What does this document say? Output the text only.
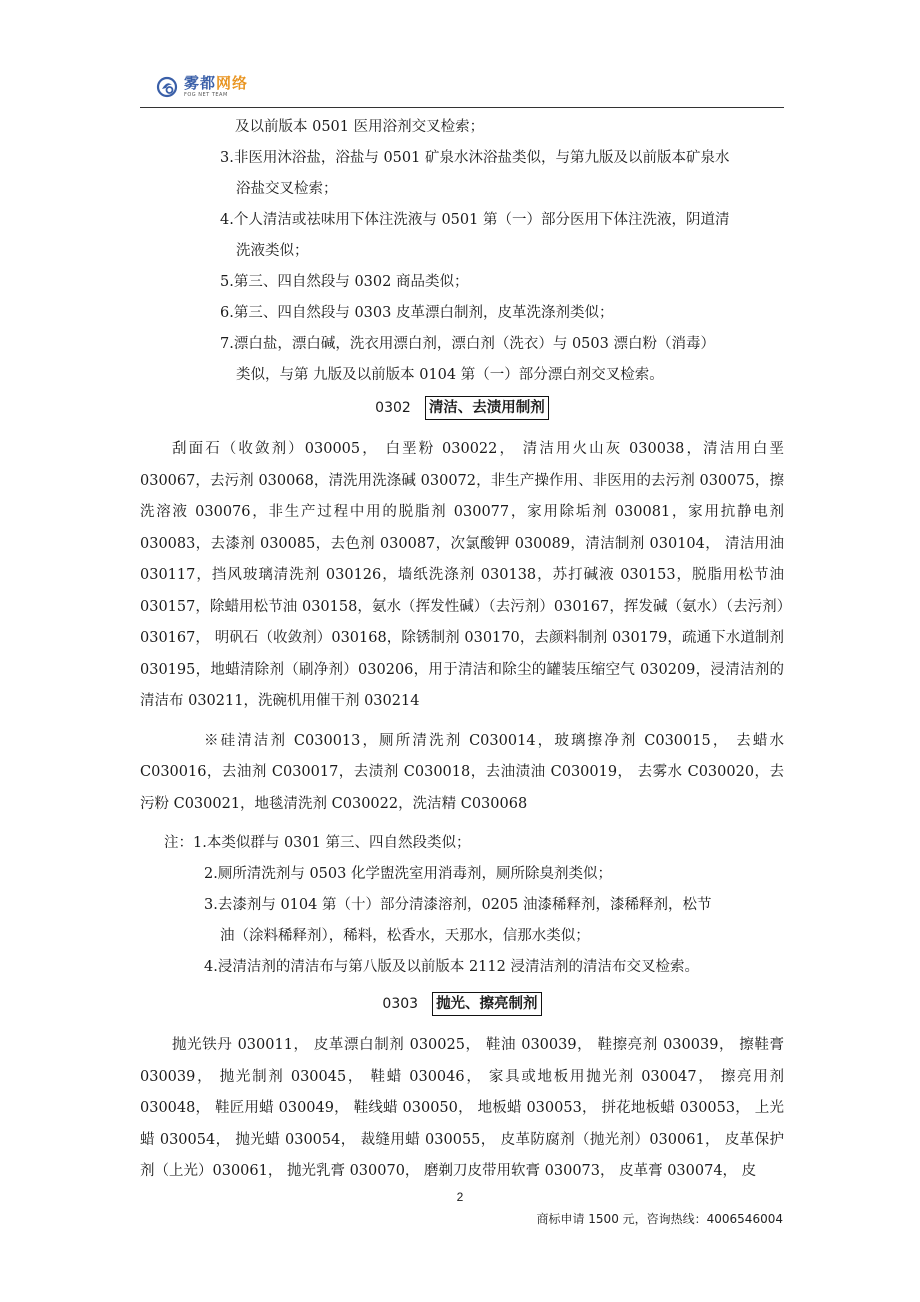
雾都网络
FOG NET TEAM
及以前版本 0501 医用浴剂交叉检索；
3.非医用沐浴盐，浴盐与 0501 矿泉水沐浴盐类似，与第九版及以前版本矿泉水
浴盐交叉检索；
4.个人清洁或祛味用下体注洗液与 0501 第（一）部分医用下体注洗液，阴道清
洗液类似；
5.第三、四自然段与 0302 商品类似；
6.第三、四自然段与 0303 皮革漂白制剂，皮革洗涤剂类似；
7.漂白盐，漂白碱，洗衣用漂白剂，漂白剂（洗衣）与 0503 漂白粉（消毒）
类似，与第 九版及以前版本 0104 第（一）部分漂白剂交叉检索。
0302 清洁、去渍用制剂
刮面石（收敛剂）030005， 白垩粉 030022， 清洁用火山灰 030038，清洁用白垩 030067，去污剂 030068，清洗用洗涤碱 030072，非生产操作用、非医用的去污剂 030075，擦洗溶液 030076，非生产过程中用的脱脂剂 030077，家用除垢剂 030081，家用抗静电剂 030083，去漆剂 030085，去色剂 030087，次氯酸钾 030089，清洁制剂 030104， 清洁用油 030117，挡风玻璃清洗剂 030126，墙纸洗涤剂 030138，苏打碱液 030153，脱脂用松节油 030157，除蜡用松节油 030158，氨水（挥发性碱）（去污剂）030167，挥发碱（氨水）（去污剂）030167， 明矾石（收敛剂）030168，除锈制剂 030170，去颜料制剂 030179，疏通下水道制剂 030195，地蜡清除剂（刷净剂）030206，用于清洁和除尘的罐装压缩空气 030209，浸清洁剂的清洁布 030211，洗碗机用催干剂 030214
※硅清洁剂 C030013，厕所清洗剂 C030014，玻璃擦净剂 C030015， 去蜡水 C030016，去油剂 C030017，去渍剂 C030018，去油渍油 C030019， 去雾水 C030020，去污粉 C030021，地毯清洗剂 C030022，洗洁精 C030068
注：1.本类似群与 0301 第三、四自然段类似；
2.厕所清洗剂与 0503 化学盥洗室用消毒剂，厕所除臭剂类似；
3.去漆剂与 0104 第（十）部分清漆溶剂，0205 油漆稀释剂，漆稀释剂，松节
油（涂料稀释剂），稀料，松香水，天那水，信那水类似；
4.浸清洁剂的清洁布与第八版及以前版本 2112 浸清洁剂的清洁布交叉检索。
0303 抛光、擦亮制剂
抛光铁丹 030011， 皮革漂白制剂 030025， 鞋油 030039， 鞋擦亮剂 030039， 擦鞋膏 030039， 抛光制剂 030045， 鞋蜡 030046， 家具或地板用抛光剂 030047， 擦亮用剂 030048， 鞋匠用蜡 030049， 鞋线蜡 030050， 地板蜡 030053， 拼花地板蜡 030053， 上光蜡 030054， 抛光蜡 030054， 裁缝用蜡 030055， 皮革防腐剂（抛光剂）030061， 皮革保护剂（上光）030061， 抛光乳膏 030070， 磨剃刀皮带用软膏 030073， 皮革膏 030074， 皮
2
商标申请 1500 元，咨询热线：4006546004
